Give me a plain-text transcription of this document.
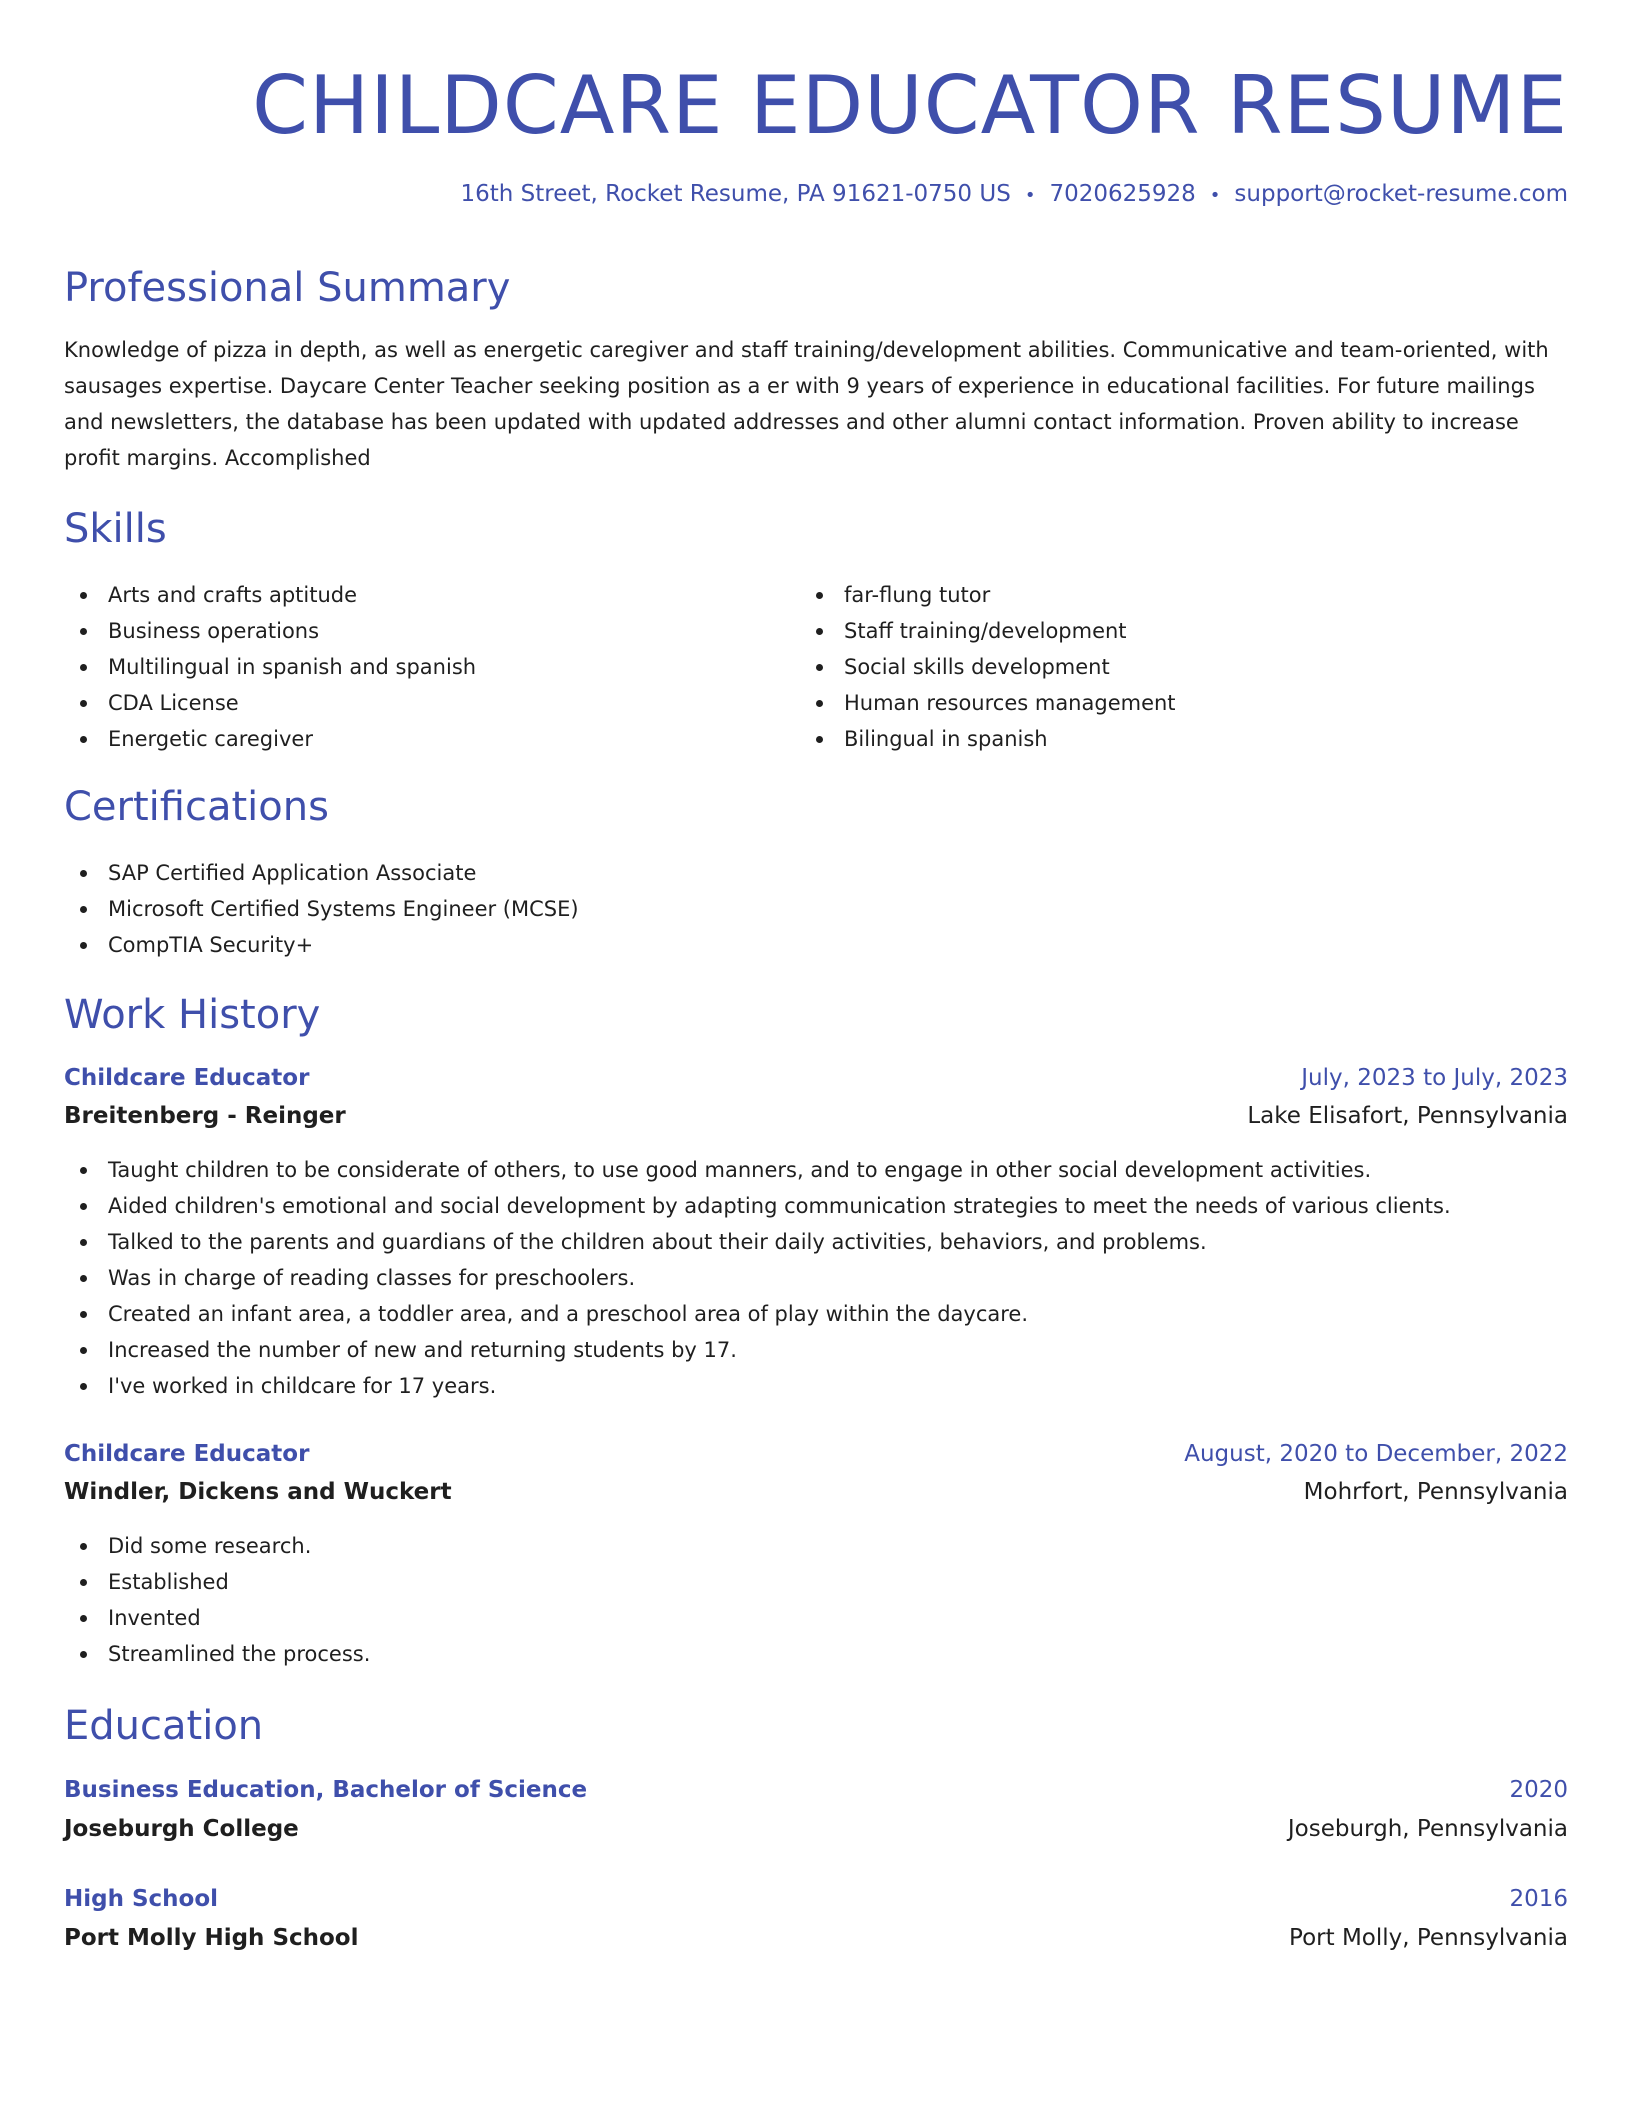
CHILDCARE EDUCATOR RESUME
16th Street, Rocket Resume, PA 91621-0750 US • 7020625928 • support@rocket-resume.com
Professional Summary
Knowledge of pizza in depth, as well as energetic caregiver and staff training/development abilities. Communicative and team-oriented, with sausages expertise. Daycare Center Teacher seeking position as a er with 9 years of experience in educational facilities. For future mailings and newsletters, the database has been updated with updated addresses and other alumni contact information. Proven ability to increase profit margins. Accomplished
Skills
Arts and crafts aptitude
Business operations
Multilingual in spanish and spanish
CDA License
Energetic caregiver
far-flung tutor
Staff training/development
Social skills development
Human resources management
Bilingual in spanish
Certifications
SAP Certified Application Associate
Microsoft Certified Systems Engineer (MCSE)
CompTIA Security+
Work History
Childcare Educator	July, 2023 to July, 2023
Breitenberg - Reinger	Lake Elisafort, Pennsylvania
Taught children to be considerate of others, to use good manners, and to engage in other social development activities.
Aided children's emotional and social development by adapting communication strategies to meet the needs of various clients.
Talked to the parents and guardians of the children about their daily activities, behaviors, and problems.
Was in charge of reading classes for preschoolers.
Created an infant area, a toddler area, and a preschool area of play within the daycare.
Increased the number of new and returning students by 17.
I've worked in childcare for 17 years.
Childcare Educator	August, 2020 to December, 2022
Windler, Dickens and Wuckert	Mohrfort, Pennsylvania
Did some research.
Established
Invented
Streamlined the process.
Education
Business Education, Bachelor of Science	2020
Joseburgh College	Joseburgh, Pennsylvania
High School	2016
Port Molly High School	Port Molly, Pennsylvania
